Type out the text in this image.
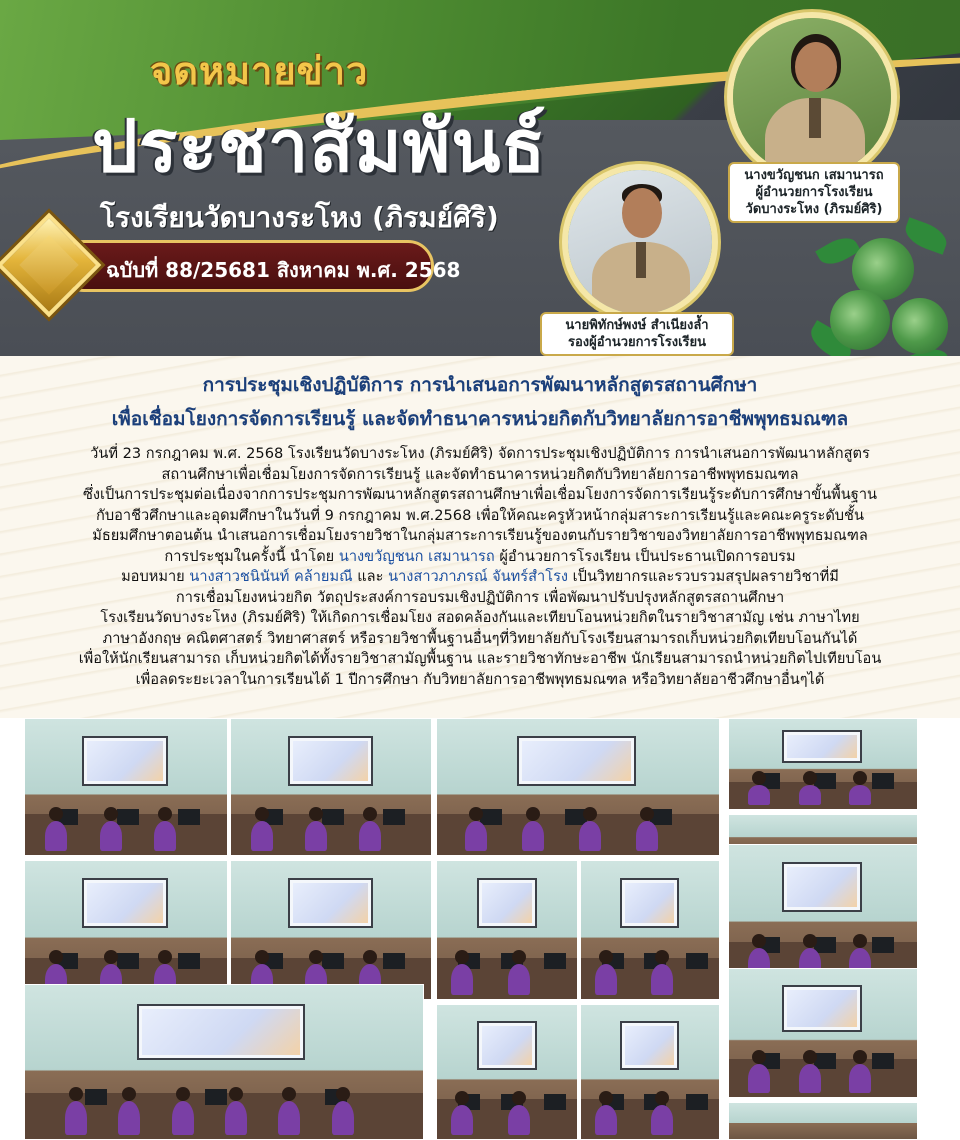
จดหมายข่าว
ประชาสัมพันธ์
โรงเรียนวัดบางระโหง (ภิรมย์ศิริ)
ฉบับที่ 88/25681 สิงหาคม พ.ศ. 2568
นางขวัญชนก เสมานารถ
ผู้อำนวยการโรงเรียน
วัดบางระโหง (ภิรมย์ศิริ)
นายพิทักษ์พงษ์ สำเนียงล้ำ
รองผู้อำนวยการโรงเรียน
การประชุมเชิงปฏิบัติการ การนำเสนอการพัฒนาหลักสูตรสถานศึกษา
เพื่อเชื่อมโยงการจัดการเรียนรู้ และจัดทำธนาคารหน่วยกิตกับวิทยาลัยการอาชีพพุทธมณฑล
วันที่ 23 กรกฎาคม พ.ศ. 2568 โรงเรียนวัดบางระโหง (ภิรมย์ศิริ) จัดการประชุมเชิงปฏิบัติการ การนำเสนอการพัฒนาหลักสูตร
สถานศึกษาเพื่อเชื่อมโยงการจัดการเรียนรู้ และจัดทำธนาคารหน่วยกิตกับวิทยาลัยการอาชีพพุทธมณฑล
ซึ่งเป็นการประชุมต่อเนื่องจากการประชุมการพัฒนาหลักสูตรสถานศึกษาเพื่อเชื่อมโยงการจัดการเรียนรู้ระดับการศึกษาขั้นพื้นฐาน
กับอาชีวศึกษาและอุดมศึกษาในวันที่ 9 กรกฎาคม พ.ศ.2568 เพื่อให้คณะครูหัวหน้ากลุ่มสาระการเรียนรู้และคณะครูระดับชั้น
มัธยมศึกษาตอนต้น นำเสนอการเชื่อมโยงรายวิชาในกลุ่มสาระการเรียนรู้ของตนกับรายวิชาของวิทยาลัยการอาชีพพุทธมณฑล
การประชุมในครั้งนี้ นำโดย นางขวัญชนก เสมานารถ ผู้อำนวยการโรงเรียน เป็นประธานเปิดการอบรม
มอบหมาย นางสาวชนินันท์ คล้ายมณี และ นางสาวภาภรณ์ จันทร์สำโรง เป็นวิทยากรและรวบรวมสรุปผลรายวิชาที่มี
การเชื่อมโยงหน่วยกิต วัตถุประสงค์การอบรมเชิงปฏิบัติการ เพื่อพัฒนาปรับปรุงหลักสูตรสถานศึกษา
โรงเรียนวัดบางระโหง (ภิรมย์ศิริ) ให้เกิดการเชื่อมโยง สอดคล้องกันและเทียบโอนหน่วยกิตในรายวิชาสามัญ เช่น ภาษาไทย
ภาษาอังกฤษ คณิตศาสตร์ วิทยาศาสตร์ หรือรายวิชาพื้นฐานอื่นๆที่วิทยาลัยกับโรงเรียนสามารถเก็บหน่วยกิตเทียบโอนกันได้
เพื่อให้นักเรียนสามารถ เก็บหน่วยกิตได้ทั้งรายวิชาสามัญพื้นฐาน และรายวิชาทักษะอาชีพ นักเรียนสามารถนำหน่วยกิตไปเทียบโอน
เพื่อลดระยะเวลาในการเรียนได้ 1 ปีการศึกษา กับวิทยาลัยการอาชีพพุทธมณฑล หรือวิทยาลัยอาชีวศึกษาอื่นๆได้
